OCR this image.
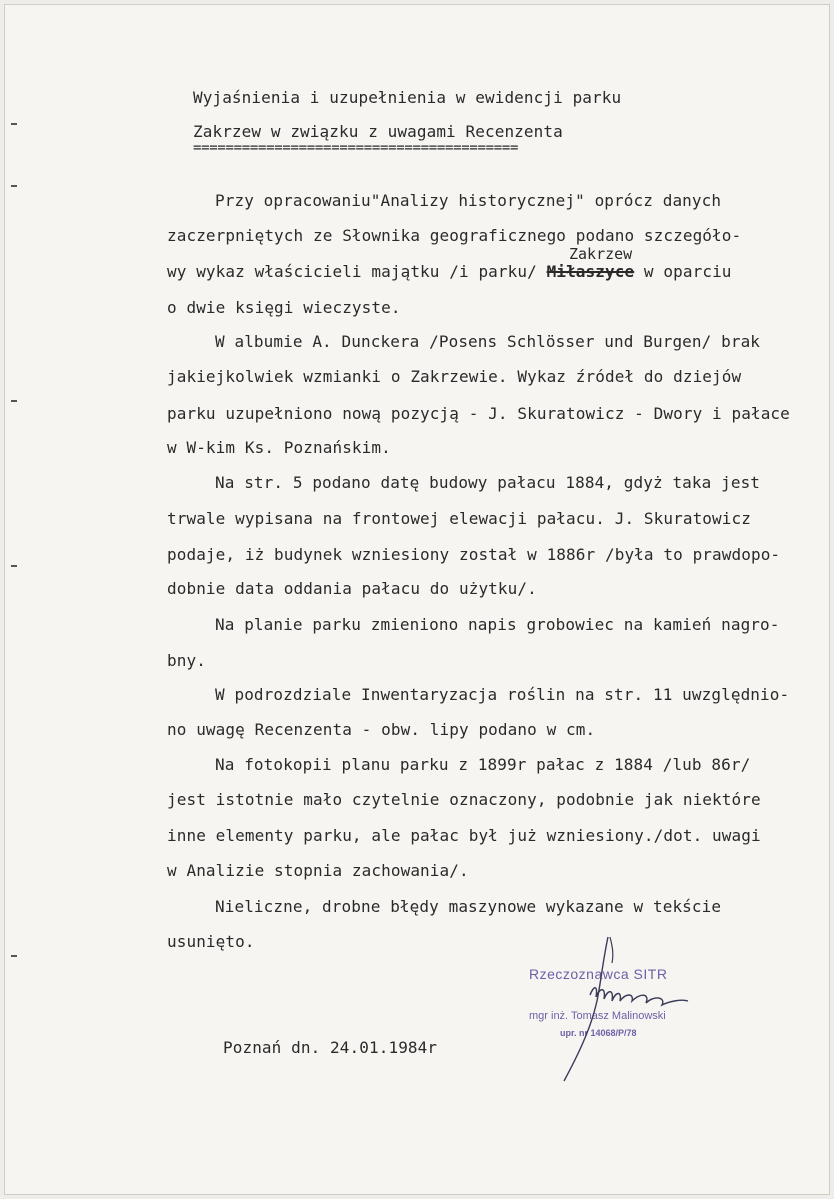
Wyjaśnienia i uzupełnienia w ewidencji parku
Zakrzew w związku z uwagami Recenzenta
========================================
Przy opracowaniu"Analizy historycznej" oprócz danych
zaczerpniętych ze Słownika geograficznego podano szczegóło-
Zakrzew
wy wykaz właścicieli majątku /i parku/ Miłaszyce w oparciu
o dwie księgi wieczyste.
W albumie A. Dunckera /Posens Schlösser und Burgen/ brak
jakiejkolwiek wzmianki o Zakrzewie. Wykaz źródeł do dziejów
parku uzupełniono nową pozycją - J. Skuratowicz - Dwory i pałace
w W-kim Ks. Poznańskim.
Na str. 5 podano datę budowy pałacu 1884, gdyż taka jest
trwale wypisana na frontowej elewacji pałacu. J. Skuratowicz
podaje, iż budynek wzniesiony został w 1886r /była to prawdopo-
dobnie data oddania pałacu do użytku/.
Na planie parku zmieniono napis grobowiec na kamień nagro-
bny.
W podrozdziale Inwentaryzacja roślin na str. 11 uwzględnio-
no uwagę Recenzenta - obw. lipy podano w cm.
Na fotokopii planu parku z 1899r pałac z 1884 /lub 86r/
jest istotnie mało czytelnie oznaczony, podobnie jak niektóre
inne elementy parku, ale pałac był już wzniesiony./dot. uwagi
w Analizie stopnia zachowania/.
Nieliczne, drobne błędy maszynowe wykazane w tekście
usunięto.
Poznań dn. 24.01.1984r
Rzeczoznawca SITR
mgr inż. Tomasz Malinowski
upr. nr 14068/P/78
